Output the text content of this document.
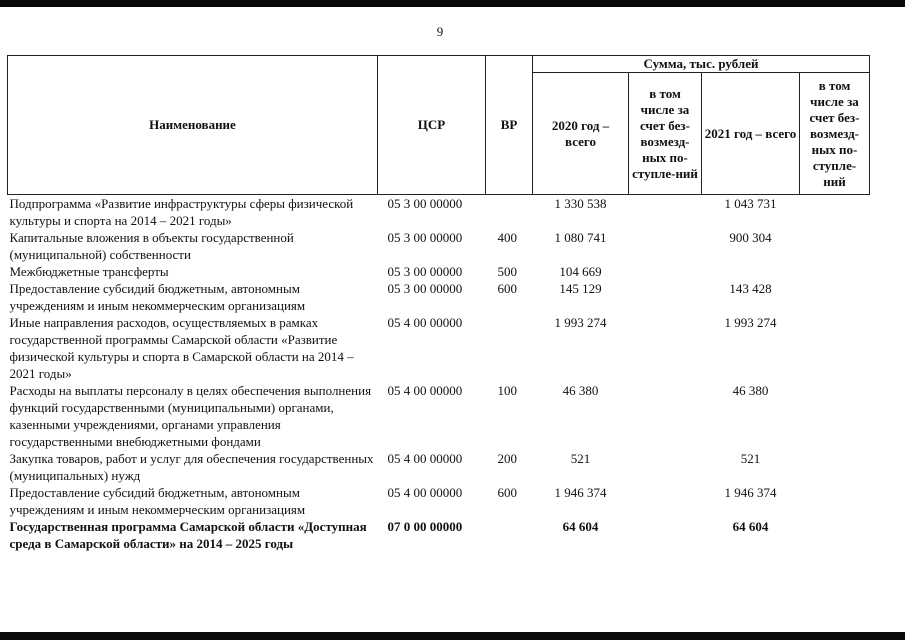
9
Наименование	ЦСР	ВР	Сумма, тыс. рублей			
			2020 год – всего	в том числе за счет без-возмезд-ных по-ступле-ний	2021 год – всего	в том числе за счет без-возмезд-ных по-ступле-ний
Подпрограмма «Развитие инфраструктуры сферы физической культуры и спорта на 2014 – 2021 годы»	05 3 00 00000		1 330 538		1 043 731	
Капитальные вложения в объекты государственной (муниципальной) собственности	05 3 00 00000	400	1 080 741		900 304	
Межбюджетные трансферты	05 3 00 00000	500	104 669			
Предоставление субсидий бюджетным, автономным учреждениям и иным некоммерческим организациям	05 3 00 00000	600	145 129		143 428	
Иные направления расходов, осуществляемых в рамках государственной программы Самарской области «Развитие физической культуры и спорта в Самарской области на 2014 – 2021 годы»	05 4 00 00000		1 993 274		1 993 274	
Расходы на выплаты персоналу в целях обеспечения выполнения функций государственными (муниципальными) органами, казенными учреждениями, органами управления государственными внебюджетными фондами	05 4 00 00000	100	46 380		46 380	
Закупка товаров, работ и услуг для обеспечения государственных (муниципальных) нужд	05 4 00 00000	200	521		521	
Предоставление субсидий бюджетным, автономным учреждениям и иным некоммерческим организациям	05 4 00 00000	600	1 946 374		1 946 374	
Государственная программа Самарской области «Доступная среда в Самарской области» на 2014 – 2025 годы	07 0 00 00000		64 604		64 604	
